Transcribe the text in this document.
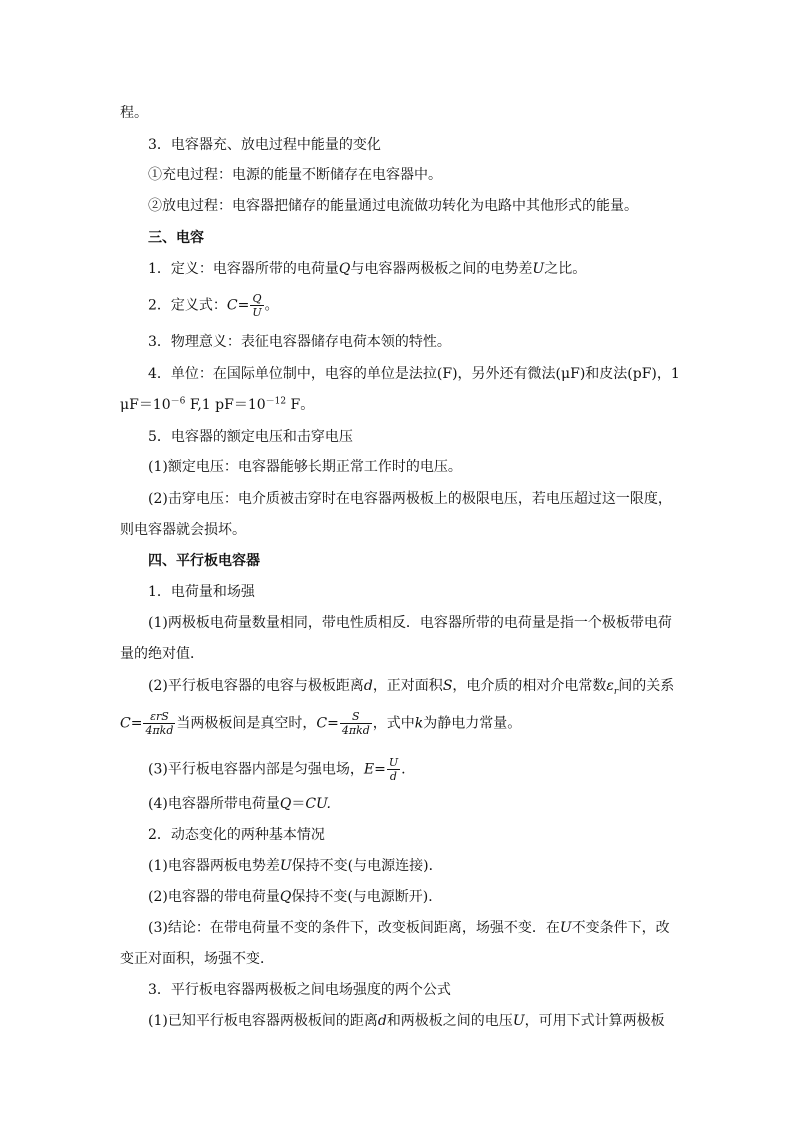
程。
3．电容器充、放电过程中能量的变化
①充电过程：电源的能量不断储存在电容器中。
②放电过程：电容器把储存的能量通过电流做功转化为电路中其他形式的能量。
三、电容
1．定义：电容器所带的电荷量Q与电容器两极板之间的电势差U之比。
2．定义式：$C= \frac{Q}{U}$ 。
3．物理意义：表征电容器储存电荷本领的特性。
4．单位：在国际单位制中，电容的单位是法拉(F)，另外还有微法(μF)和皮法(pF)，1
$\mu F=10^{-6}$ F,1 $pF=10^{-12}$ F。
5．电容器的额定电压和击穿电压
(1)额定电压：电容器能够长期正常工作时的电压。
(2)击穿电压：电介质被击穿时在电容器两极板上的极限电压，若电压超过这一限度，
则电容器就会损坏。
四、平行板电容器
1．电荷量和场强
(1)两极板电荷量数量相同，带电性质相反．电容器所带的电荷量是指一个极板带电荷
量的绝对值．
(2)平行板电容器的电容与极板距离d，正对面积S，电介质的相对介电常数$\varepsilon_r$间的关系
$C= \frac{\text{εrS}}{\text{4πkd}}$ 当两极板间是真空时，$C= \frac{S}{\text{4πkd}}$ ，式中k为静电力常量。
(3)平行板电容器内部是匀强电场，$E= \frac{U}{d}$ .
(4)电容器所带电荷量Q＝CU.
2．动态变化的两种基本情况
(1)电容器两板电势差U保持不变(与电源连接)．
(2)电容器的带电荷量Q保持不变(与电源断开)．
(3)结论：在带电荷量不变的条件下，改变板间距离，场强不变．在U不变条件下，改
变正对面积，场强不变．
3．平行板电容器两极板之间电场强度的两个公式
(1)已知平行板电容器两极板间的距离d和两极板之间的电压U，可用下式计算两极板
